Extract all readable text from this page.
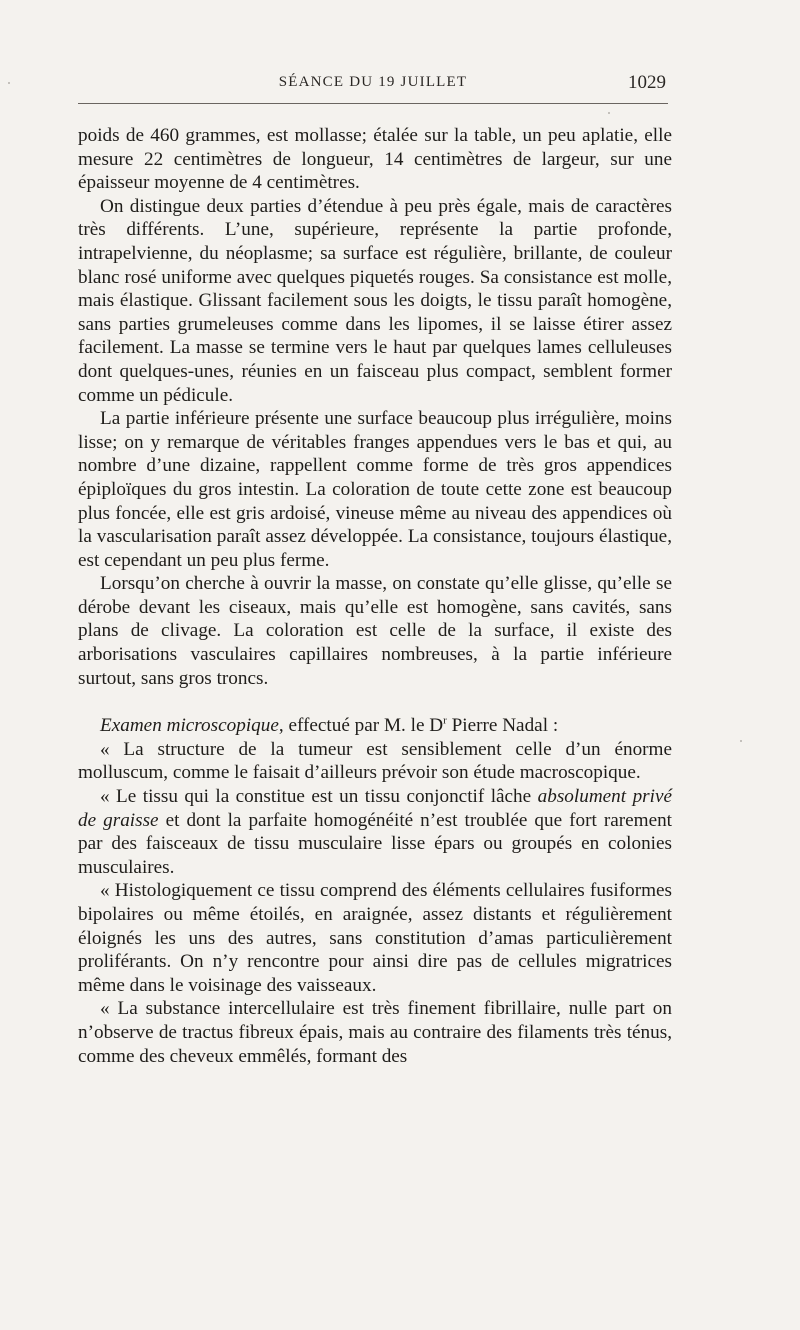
SÉANCE DU 19 JUILLET	1029

poids de 460 grammes, est mollasse; étalée sur la table, un peu aplatie, elle mesure 22 centimètres de longueur, 14 centimètres de largeur, sur une épaisseur moyenne de 4 centimètres.

On distingue deux parties d’étendue à peu près égale, mais de caractères très différents. L’une, supérieure, représente la partie profonde, intrapelvienne, du néoplasme; sa surface est régulière, brillante, de couleur blanc rosé uniforme avec quelques piquetés rouges. Sa consistance est molle, mais élastique. Glissant facilement sous les doigts, le tissu paraît homogène, sans parties grumeleuses comme dans les lipomes, il se laisse étirer assez facilement. La masse se termine vers le haut par quelques lames celluleuses dont quelques-unes, réunies en un faisceau plus compact, semblent former comme un pédicule.

La partie inférieure présente une surface beaucoup plus irrégulière, moins lisse; on y remarque de véritables franges appendues vers le bas et qui, au nombre d’une dizaine, rappellent comme forme de très gros appendices épiploïques du gros intestin. La coloration de toute cette zone est beaucoup plus foncée, elle est gris ardoisé, vineuse même au niveau des appendices où la vascularisation paraît assez développée. La consistance, toujours élastique, est cependant un peu plus ferme.

Lorsqu’on cherche à ouvrir la masse, on constate qu’elle glisse, qu’elle se dérobe devant les ciseaux, mais qu’elle est homogène, sans cavités, sans plans de clivage. La coloration est celle de la surface, il existe des arborisations vasculaires capillaires nombreuses, à la partie inférieure surtout, sans gros troncs.

Examen microscopique, effectué par M. le $D^r$ Pierre Nadal :

« La structure de la tumeur est sensiblement celle d’un énorme molluscum, comme le faisait d’ailleurs prévoir son étude macroscopique.

« Le tissu qui la constitue est un tissu conjonctif lâche absolument privé de graisse et dont la parfaite homogénéité n’est troublée que fort rarement par des faisceaux de tissu musculaire lisse épars ou groupés en colonies musculaires.

« Histologiquement ce tissu comprend des éléments cellulaires fusiformes bipolaires ou même étoilés, en araignée, assez distants et régulièrement éloignés les uns des autres, sans constitution d’amas particulièrement proliférants. On n’y rencontre pour ainsi dire pas de cellules migratrices même dans le voisinage des vaisseaux.

« La substance intercellulaire est très finement fibrillaire, nulle part on n’observe de tractus fibreux épais, mais au contraire des filaments très ténus, comme des cheveux emmêlés, formant des
